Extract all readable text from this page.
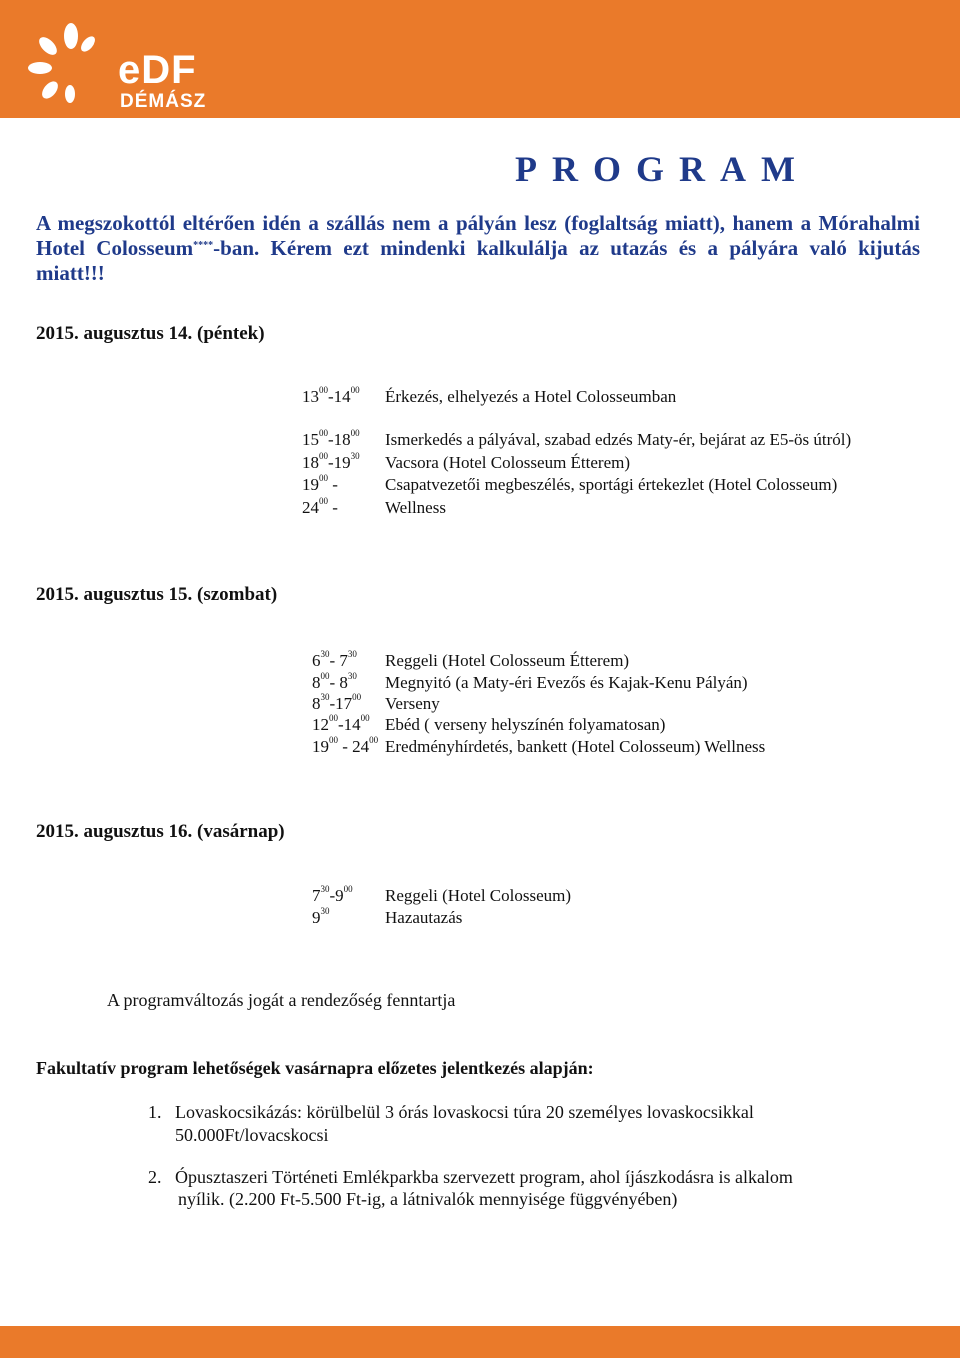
eDF
DÉMÁSZ
PROGRAM
A megszokottól eltérően idén a szállás nem a pályán lesz (foglaltság miatt), hanem a Mórahalmi Hotel Colosseum****-ban. Kérem ezt mindenki kalkulálja az utazás és a pályára való kijutás miatt!!!
2015. augusztus 14. (péntek)
$13^{00}-14^{00}$ Érkezés, elhelyezés a Hotel Colosseumban
$15^{00}-18^{00}$ Ismerkedés a pályával, szabad edzés Maty-ér, bejárat az E5-ös útról)
$18^{00}-19^{30}$ Vacsora (Hotel Colosseum Étterem)
$19^{00}$ -	Csapatvezetői megbeszélés, sportági értekezlet (Hotel Colosseum)
$24^{00}$ -	Wellness
2015. augusztus 15. (szombat)
$6^{30}-$ $7^{30}$ Reggeli (Hotel Colosseum Étterem)
$8^{00}-$ $8^{30}$ Megnyitó (a Maty-éri Evezős és Kajak-Kenu Pályán)
$8^{30}-17^{00}$ Verseny
$12^{00}-14^{00}$ Ebéd ( verseny helyszínén folyamatosan)
$19^{00} - 24^{00}$ Eredményhírdetés, bankett (Hotel Colosseum) Wellness
2015. augusztus 16. (vasárnap)
$7^{30}-9^{00}$ Reggeli (Hotel Colosseum)
$9^{30}$	Hazautazás
A programváltozás jogát a rendezőség fenntartja
Fakultatív program lehetőségek vasárnapra előzetes jelentkezés alapján:
1. Lovaskocsikázás: körülbelül 3 órás lovaskocsi túra 20 személyes lovaskocsikkal
50.000Ft/lovacskocsi
2. Ópusztaszeri Történeti Emlékparkba szervezett program, ahol íjászkodásra is alkalom
nyílik. (2.200 Ft-5.500 Ft-ig, a látnivalók mennyisége függvényében)
